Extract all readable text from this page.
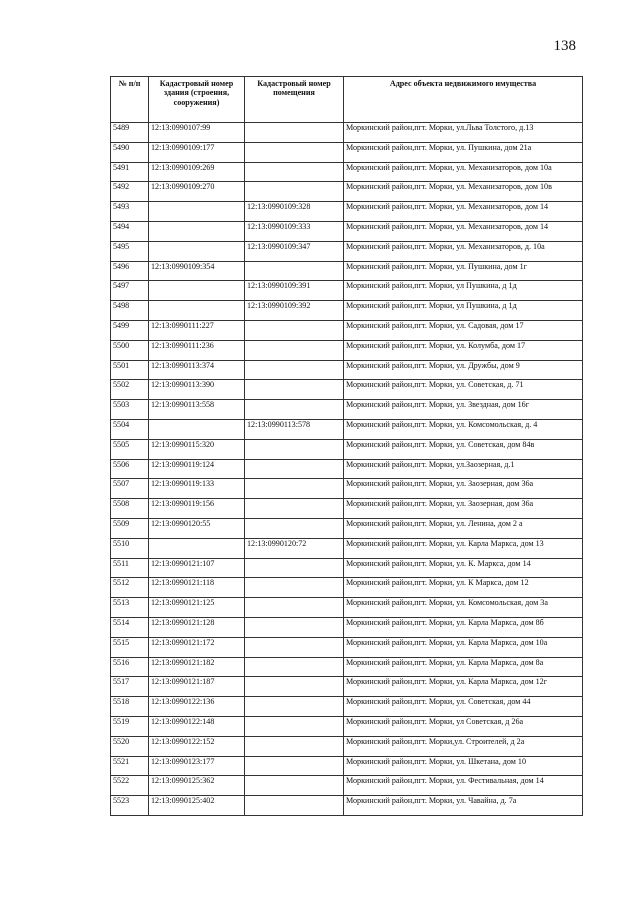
138
№ п/п	Кадастровый номер здания (строения, сооружения)	Кадастровый номер помещения	Адрес объекта недвижимого имущества
5489	12:13:0990107:99		Моркинский район,пгт. Морки, ул.Льва Толстого, д.13
5490	12:13:0990109:177		Моркинский район,пгт. Морки, ул. Пушкина, дом 21а
5491	12:13:0990109:269		Моркинский район,пгт. Морки, ул. Механизаторов, дом 10а
5492	12:13:0990109:270		Моркинский район,пгт. Морки, ул. Механизаторов, дом 10в
5493		12:13:0990109:328	Моркинский район,пгт. Морки, ул. Механизаторов, дом 14
5494		12:13:0990109:333	Моркинский район,пгт. Морки, ул. Механизаторов, дом 14
5495		12:13:0990109:347	Моркинский район,пгт. Морки, ул. Механизаторов, д. 10а
5496	12:13:0990109:354		Моркинский район,пгт. Морки, ул. Пушкина, дом 1г
5497		12:13:0990109:391	Моркинский район,пгт. Морки, ул Пушкина, д 1д
5498		12:13:0990109:392	Моркинский район,пгт. Морки, ул Пушкина, д 1д
5499	12:13:0990111:227		Моркинский район,пгт. Морки, ул. Садовая, дом 17
5500	12:13:0990111:236		Моркинский район,пгт. Морки, ул. Колумба, дом 17
5501	12:13:0990113:374		Моркинский район,пгт. Морки, ул. Дружбы, дом 9
5502	12:13:0990113:390		Моркинский район,пгт. Морки, ул. Советская, д. 71
5503	12:13:0990113:558		Моркинский район,пгт. Морки, ул. Звездная, дом 16г
5504		12:13:0990113:578	Моркинский район,пгт. Морки, ул. Комсомольская, д. 4
5505	12:13:0990115:320		Моркинский район,пгт. Морки, ул. Советская, дом 84в
5506	12:13:0990119:124		Моркинский район,пгт. Морки, ул.Заозерная, д.1
5507	12:13:0990119:133		Моркинский район,пгт. Морки, ул. Заозерная, дом 36а
5508	12:13:0990119:156		Моркинский район,пгт. Морки, ул. Заозерная, дом 36а
5509	12:13:0990120:55		Моркинский район,пгт. Морки, ул. Ленина, дом 2 а
5510		12:13:0990120:72	Моркинский район,пгт. Морки, ул. Карла Маркса, дом 13
5511	12:13:0990121:107		Моркинский район,пгт. Морки, ул. К. Маркса, дом 14
5512	12:13:0990121:118		Моркинский район,пгт. Морки, ул. К Маркса, дом 12
5513	12:13:0990121:125		Моркинский район,пгт. Морки, ул. Комсомольская, дом 3а
5514	12:13:0990121:128		Моркинский район,пгт. Морки, ул. Карла Маркса, дом 8б
5515	12:13:0990121:172		Моркинский район,пгт. Морки, ул. Карла Маркса, дом 10а
5516	12:13:0990121:182		Моркинский район,пгт. Морки, ул. Карла Маркса, дом 8а
5517	12:13:0990121:187		Моркинский район,пгт. Морки, ул. Карла Маркса, дом 12г
5518	12:13:0990122:136		Моркинский район,пгт. Морки, ул. Советская, дом 44
5519	12:13:0990122:148		Моркинский район,пгт. Морки, ул Советская, д 26а
5520	12:13:0990122:152		Моркинский район,пгт. Морки,ул. Строителей, д 2а
5521	12:13:0990123:177		Моркинский район,пгт. Морки, ул. Шкетана, дом 10
5522	12:13:0990125:362		Моркинский район,пгт. Морки, ул. Фестивальная, дом 14
5523	12:13:0990125:402		Моркинский район,пгт. Морки, ул. Чавайна, д. 7а
